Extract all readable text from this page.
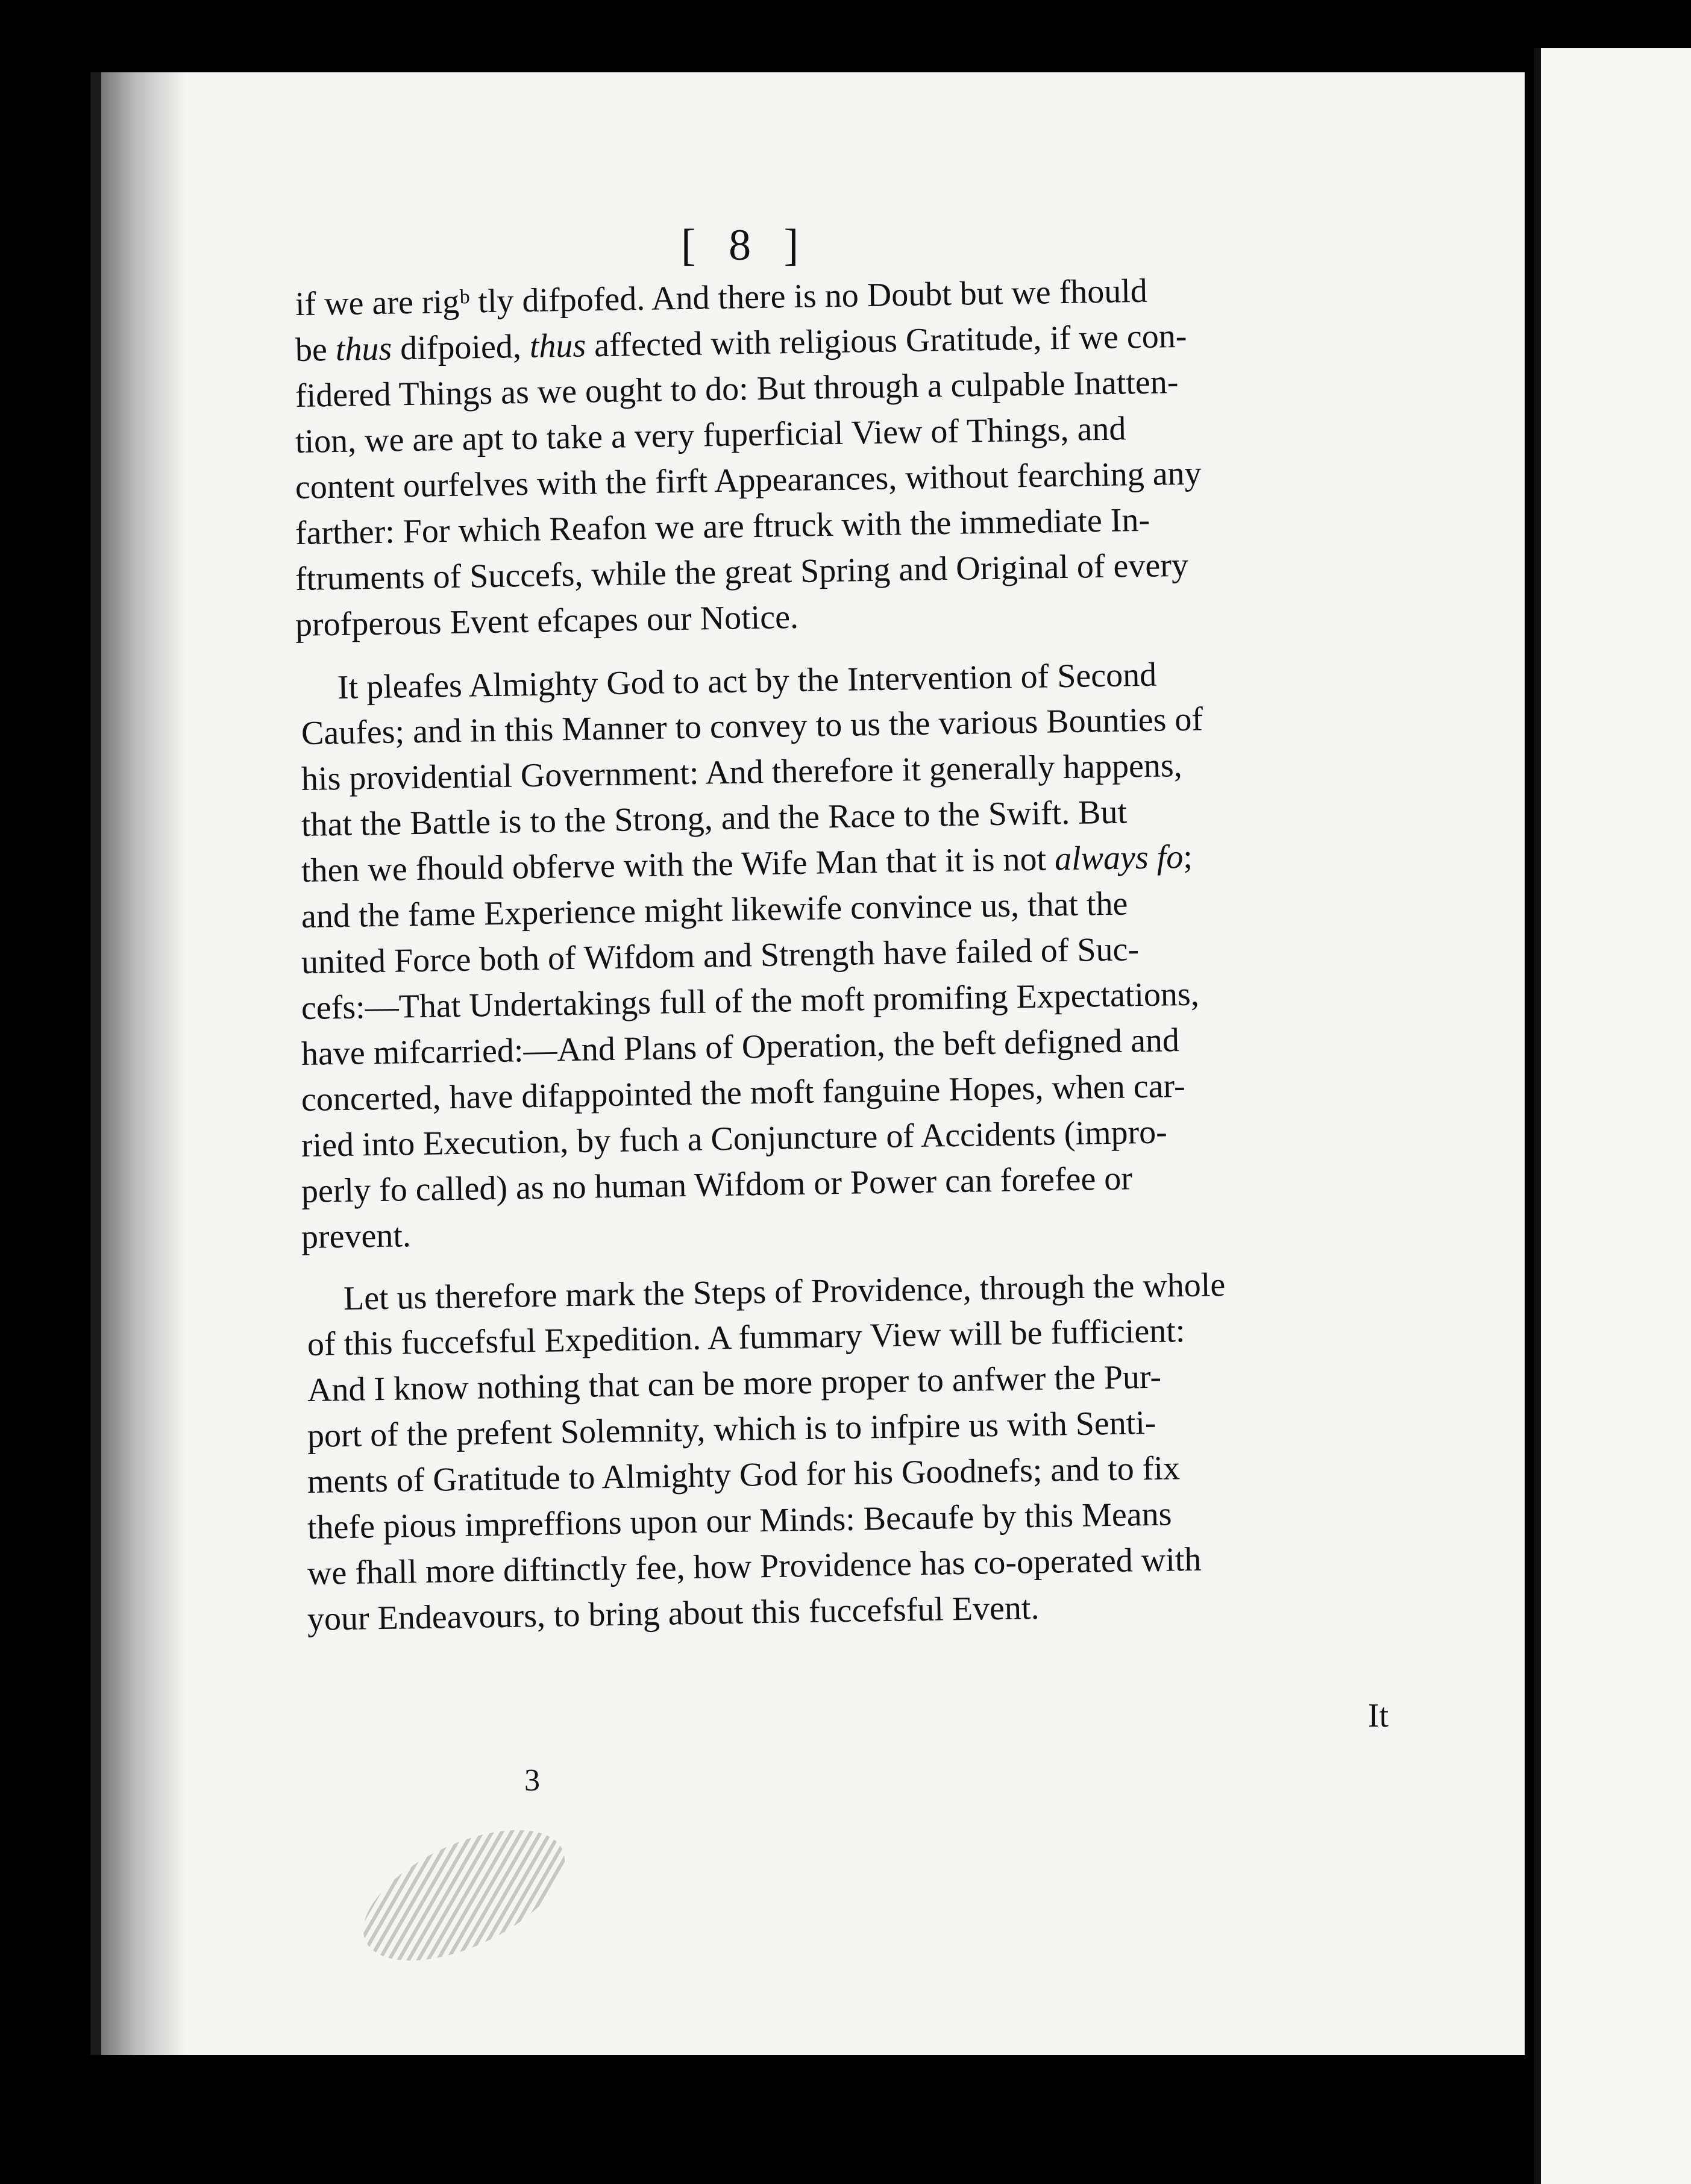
[ 8 ]
if we are rigᵇ tly difpofed. And there is no Doubt but we fhould
be thus difpoied, thus affected with religious Gratitude, if we con-
fidered Things as we ought to do: But through a culpable Inatten-
tion, we are apt to take a very fuperficial View of Things, and
content ourfelves with the firft Appearances, without fearching any
farther: For which Reafon we are ftruck with the immediate In-
ftruments of Succefs, while the great Spring and Original of every
profperous Event efcapes our Notice.
It pleafes Almighty God to act by the Intervention of Second
Caufes; and in this Manner to convey to us the various Bounties of
his providential Government: And therefore it generally happens,
that the Battle is to the Strong, and the Race to the Swift. But
then we fhould obferve with the Wife Man that it is not always fo;
and the fame Experience might likewife convince us, that the
united Force both of Wifdom and Strength have failed of Suc-
cefs:—That Undertakings full of the moft promifing Expectations,
have mifcarried:—And Plans of Operation, the beft defigned and
concerted, have difappointed the moft fanguine Hopes, when car-
ried into Execution, by fuch a Conjuncture of Accidents (impro-
perly fo called) as no human Wifdom or Power can forefee or
prevent.
Let us therefore mark the Steps of Providence, through the whole
of this fuccefsful Expedition. A fummary View will be fufficient:
And I know nothing that can be more proper to anfwer the Pur-
port of the prefent Solemnity, which is to infpire us with Senti-
ments of Gratitude to Almighty God for his Goodnefs; and to fix
thefe pious impreffions upon our Minds: Becaufe by this Means
we fhall more diftinctly fee, how Providence has co-operated with
your Endeavours, to bring about this fuccefsful Event.
It
3
